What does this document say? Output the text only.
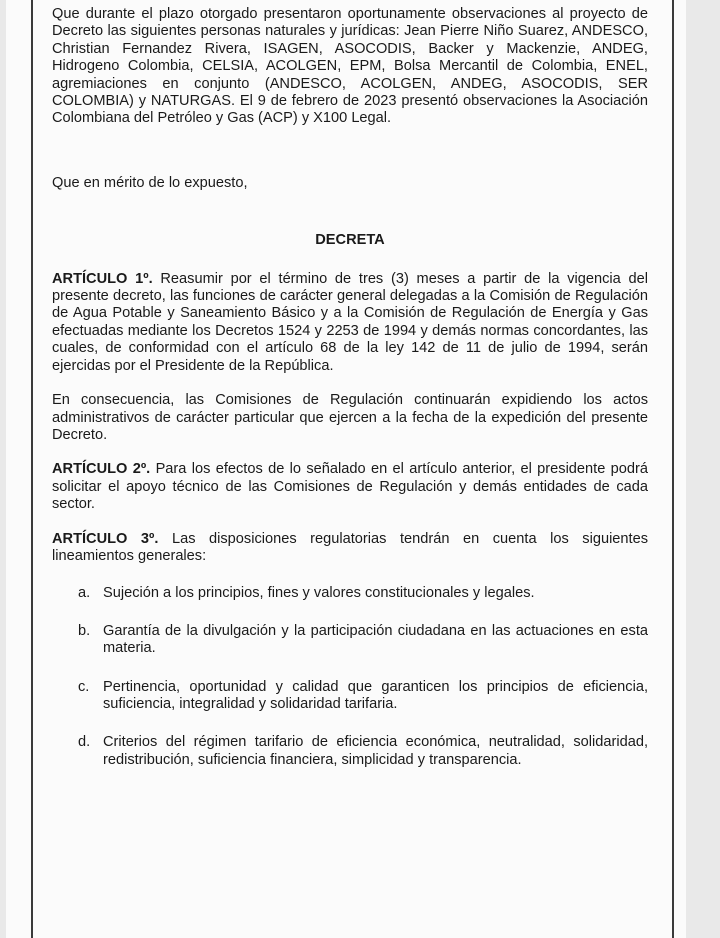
Que durante el plazo otorgado presentaron oportunamente observaciones al proyecto de Decreto las siguientes personas naturales y jurídicas: Jean Pierre Niño Suarez, ANDESCO, Christian Fernandez Rivera, ISAGEN, ASOCODIS, Backer y Mackenzie, ANDEG, Hidrogeno Colombia, CELSIA, ACOLGEN, EPM, Bolsa Mercantil de Colombia, ENEL, agremiaciones en conjunto (ANDESCO, ACOLGEN, ANDEG, ASOCODIS, SER COLOMBIA) y NATURGAS. El 9 de febrero de 2023 presentó observaciones la Asociación Colombiana del Petróleo y Gas (ACP) y X100 Legal.

Que en mérito de lo expuesto,

DECRETA

ARTÍCULO 1º. Reasumir por el término de tres (3) meses a partir de la vigencia del presente decreto, las funciones de carácter general delegadas a la Comisión de Regulación de Agua Potable y Saneamiento Básico y a la Comisión de Regulación de Energía y Gas efectuadas mediante los Decretos 1524 y 2253 de 1994 y demás normas concordantes, las cuales, de conformidad con el artículo 68 de la ley 142 de 11 de julio de 1994, serán ejercidas por el Presidente de la República.

En consecuencia, las Comisiones de Regulación continuarán expidiendo los actos administrativos de carácter particular que ejercen a la fecha de la expedición del presente Decreto.

ARTÍCULO 2º. Para los efectos de lo señalado en el artículo anterior, el presidente podrá solicitar el apoyo técnico de las Comisiones de Regulación y demás entidades de cada sector.

ARTÍCULO 3º. Las disposiciones regulatorias tendrán en cuenta los siguientes lineamientos generales:

a. Sujeción a los principios, fines y valores constitucionales y legales.
b. Garantía de la divulgación y la participación ciudadana en las actuaciones en esta materia.
c. Pertinencia, oportunidad y calidad que garanticen los principios de eficiencia, suficiencia, integralidad y solidaridad tarifaria.
d. Criterios del régimen tarifario de eficiencia económica, neutralidad, solidaridad, redistribución, suficiencia financiera, simplicidad y transparencia.
